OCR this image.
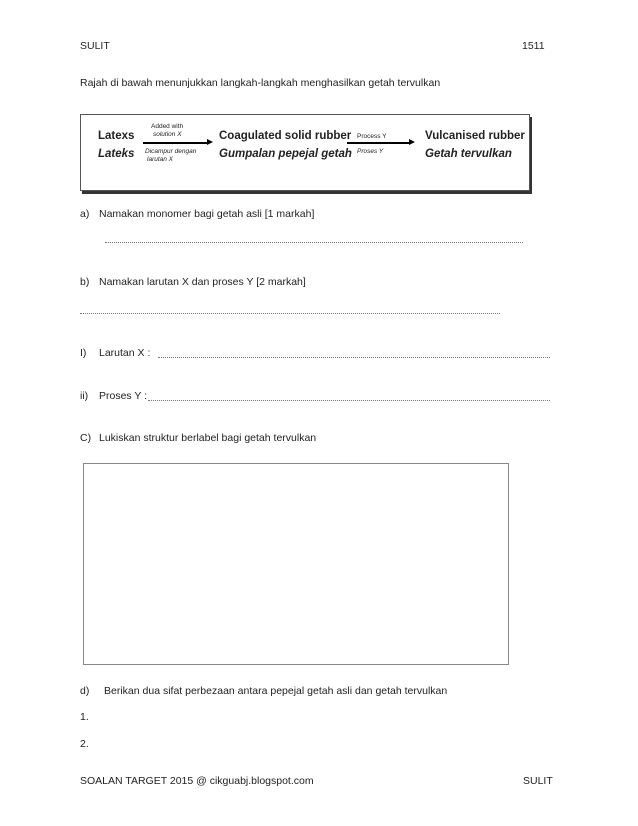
SULIT	1511
Rajah di bawah menunjukkan langkah-langkah menghasilkan getah tervulkan
Latexs
Lateks
Added with
solution X
Dicampur dengan
larutan X
Coagulated solid rubber
Gumpalan pepejal getah
Process Y
Proses Y
Vulcanised rubber
Getah tervulkan
a) Namakan monomer bagi getah asli [1 markah]
b) Namakan larutan X dan proses Y [2 markah]
I) Larutan X :
ii) Proses Y :
C) Lukiskan struktur berlabel bagi getah tervulkan
d) Berikan dua sifat perbezaan antara pepejal getah asli dan getah tervulkan
1.
2.
SOALAN TARGET 2015 @ cikguabj.blogspot.com	SULIT
